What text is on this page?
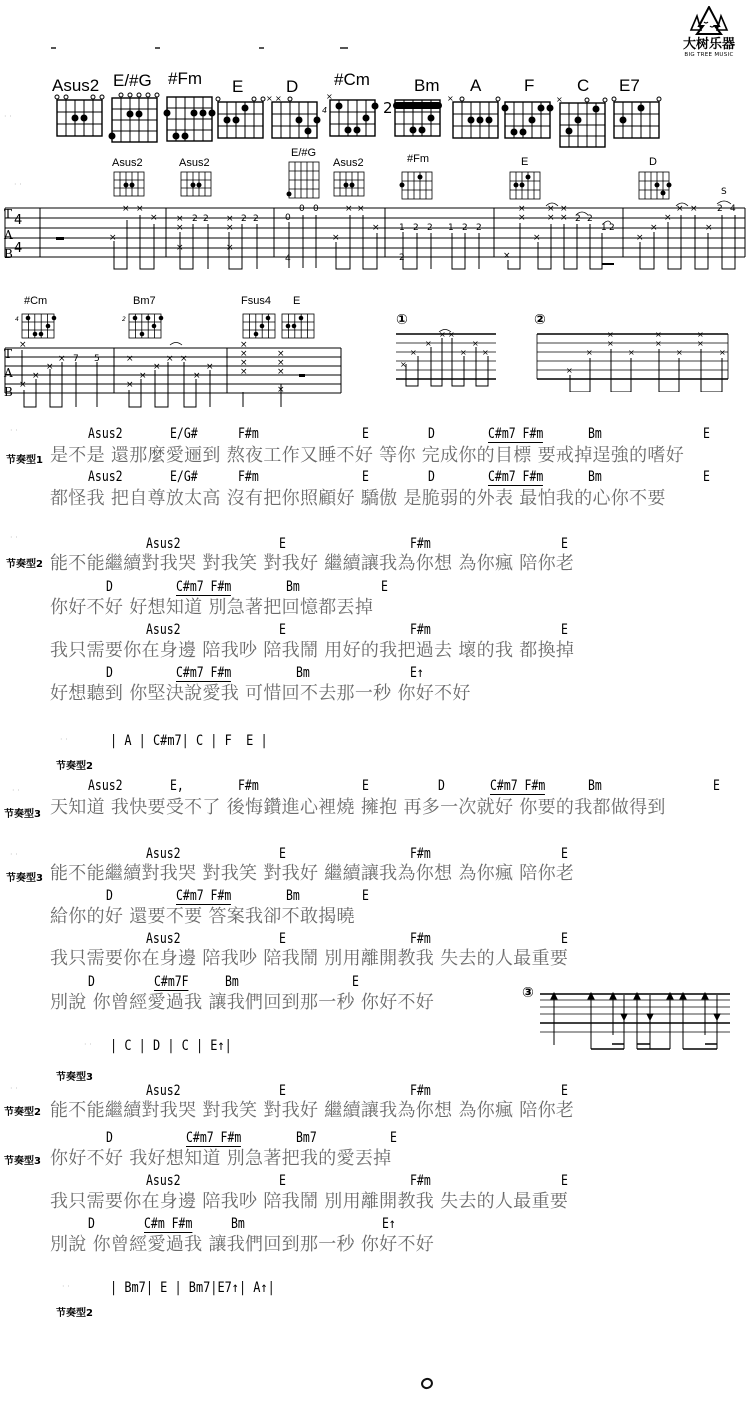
大树乐器
BIG TREE MUSIC
· ·
Asus2 E/#G #Fm E	D #Cm	Bm A	F	C E7
4	2
× ×	×	×	×
· ·
Asus2	Asus2
E/#G
Asus2	#Fm	E	D
S
T
A
B
4
4
×
× ×
× × 2 2
×
×
× 2 2
×
×
0
0 0
4
×
× ×
× 1 2 2 1 2 2
2
×
×
×
×
× ×
× × 2 2
1 2
×
×
×
× ×
×
2 4
#Cm	Bm7	Fsus4 E
4	2
T
A
B
×
×
×
×
× 7 5	×
×
×
×
× ×
×
×
×
×
×
×
×
×
×
×
①
×
×
×
× ×
×
×
×
②
×
×
×
×
×
×
×
×
×
×
×
· ·
节奏型1
Asus2	E/G#	F#m	E	D	C#m7 F#m	Bm	E
是不是 還那麼愛逦到 熬夜工作又睡不好 等你 完成你的目標 要戒掉逞強的嗜好
Asus2	E/G#	F#m	E	D	C#m7 F#m	Bm	E
都怪我 把自尊放太高 沒有把你照顧好 驕傲 是脆弱的外表 最怕我的心你不要
· ·
节奏型2
Asus2	E	F#m	E
能不能繼續對我哭 對我笑 對我好 繼續讓我為你想 為你瘋 陪你老
D	C#m7 F#m	Bm	E
你好不好 好想知道 別急著把回憶都丟掉
Asus2	E	F#m	E
我只需要你在身邊 陪我吵 陪我鬧 用好的我把過去 壞的我 都換掉
D	C#m7 F#m	Bm	E↑
好想聽到 你堅決說愛我 可惜回不去那一秒 你好不好
· ·	| A | C#m7| C | F  E |
节奏型2
· ·
节奏型3
Asus2	E,	F#m	E	D	C#m7 F#m	Bm	E
天知道 我快要受不了 後悔鑽進心裡燒 擁抱 再多一次就好 你要的我都做得到
· ·
节奏型3
Asus2	E	F#m	E
能不能繼續對我哭 對我笑 對我好 繼續讓我為你想 為你瘋 陪你老
D	C#m7 F#m	Bm	E
給你的好 還要不要 答案我卻不敢揭曉
Asus2	E	F#m	E
我只需要你在身邊 陪我吵 陪我鬧 別用離開教我 失去的人最重要
D	C#m7F	Bm	E
別說 你曾經愛過我 讓我們回到那一秒 你好不好	③
· · | C | D | C | E↑|
节奏型3
· ·
节奏型2
Asus2	E	F#m	E
能不能繼續對我哭 對我笑 對我好 繼續讓我為你想 為你瘋 陪你老
节奏型3
D	C#m7 F#m	Bm7	E
你好不好 我好想知道 別急著把我的愛丟掉
Asus2	E	F#m	E
我只需要你在身邊 陪我吵 陪我鬧 別用離開教我 失去的人最重要
D	C#m F#m	Bm	E↑
別說 你曾經愛過我 讓我們回到那一秒 你好不好
· ·	| Bm7| E | Bm7|E7↑| A↑|
节奏型2
